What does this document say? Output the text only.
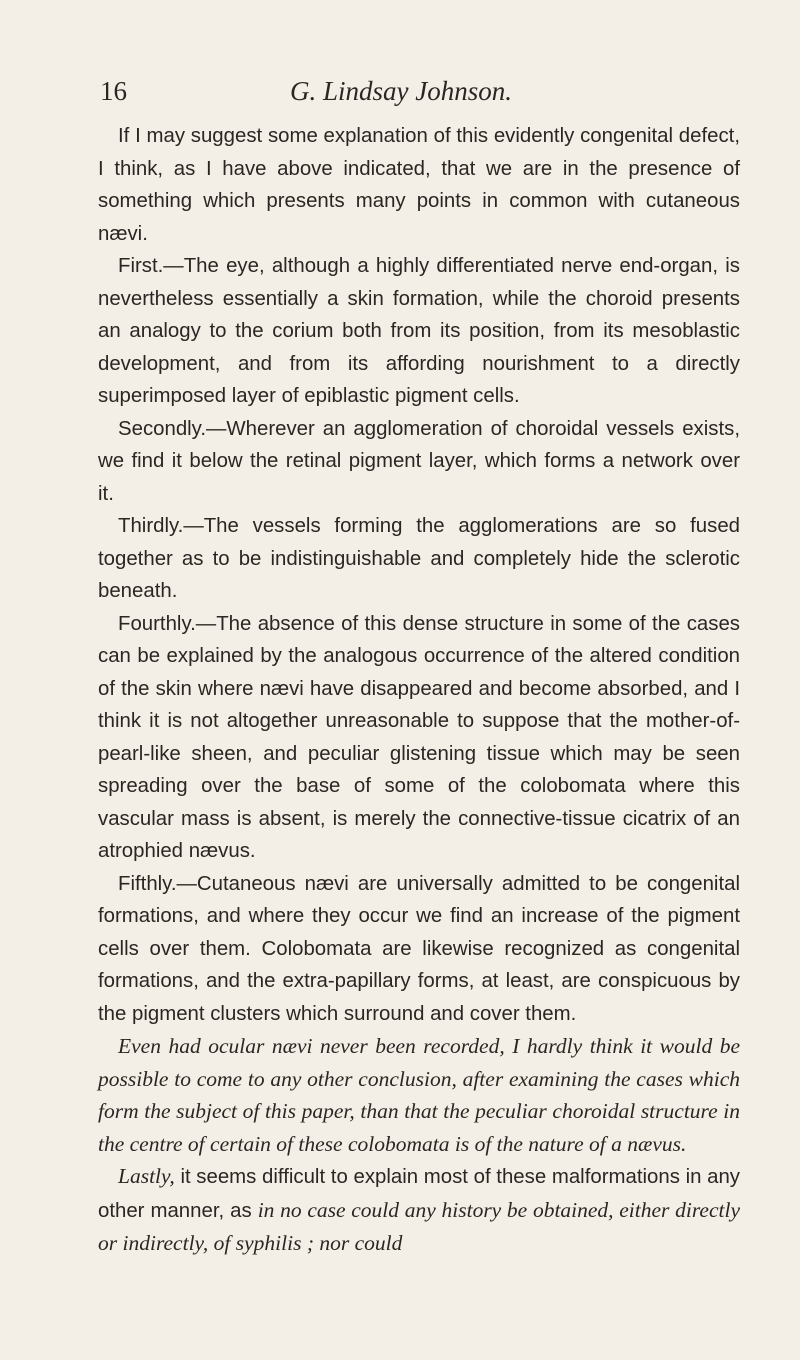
16	G. Lindsay Johnson.

If I may suggest some explanation of this evidently congenital defect, I think, as I have above indicated, that we are in the presence of something which presents many points in common with cutaneous nævi.

First.—The eye, although a highly differentiated nerve end-organ, is nevertheless essentially a skin formation, while the choroid presents an analogy to the corium both from its position, from its mesoblastic development, and from its affording nourishment to a directly superimposed layer of epiblastic pigment cells.

Secondly.—Wherever an agglomeration of choroidal vessels exists, we find it below the retinal pigment layer, which forms a network over it.

Thirdly.—The vessels forming the agglomerations are so fused together as to be indistinguishable and completely hide the sclerotic beneath.

Fourthly.—The absence of this dense structure in some of the cases can be explained by the analogous occurrence of the altered condition of the skin where nævi have disappeared and become absorbed, and I think it is not altogether unreasonable to suppose that the mother-of-pearl-like sheen, and peculiar glistening tissue which may be seen spreading over the base of some of the colobomata where this vascular mass is absent, is merely the connective-tissue cicatrix of an atrophied nævus.

Fifthly.—Cutaneous nævi are universally admitted to be congenital formations, and where they occur we find an increase of the pigment cells over them. Colobomata are likewise recognized as congenital formations, and the extra-papillary forms, at least, are conspicuous by the pigment clusters which surround and cover them.

Even had ocular nævi never been recorded, I hardly think it would be possible to come to any other conclusion, after examining the cases which form the subject of this paper, than that the peculiar choroidal structure in the centre of certain of these colobomata is of the nature of a nævus.

Lastly, it seems difficult to explain most of these malformations in any other manner, as in no case could any history be obtained, either directly or indirectly, of syphilis ; nor could
